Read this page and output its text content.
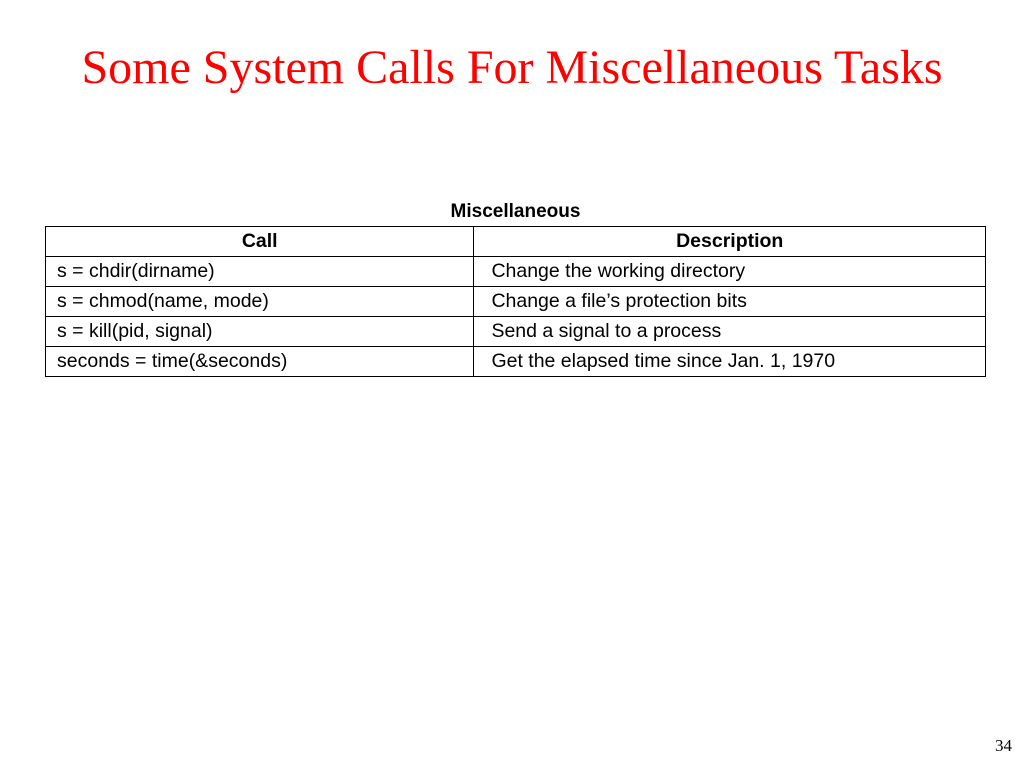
Some System Calls For Miscellaneous Tasks
Miscellaneous
Call	Description
s = chdir(dirname)	Change the working directory
s = chmod(name, mode)	Change a file’s protection bits
s = kill(pid, signal)	Send a signal to a process
seconds = time(&seconds)	Get the elapsed time since Jan. 1, 1970
34
